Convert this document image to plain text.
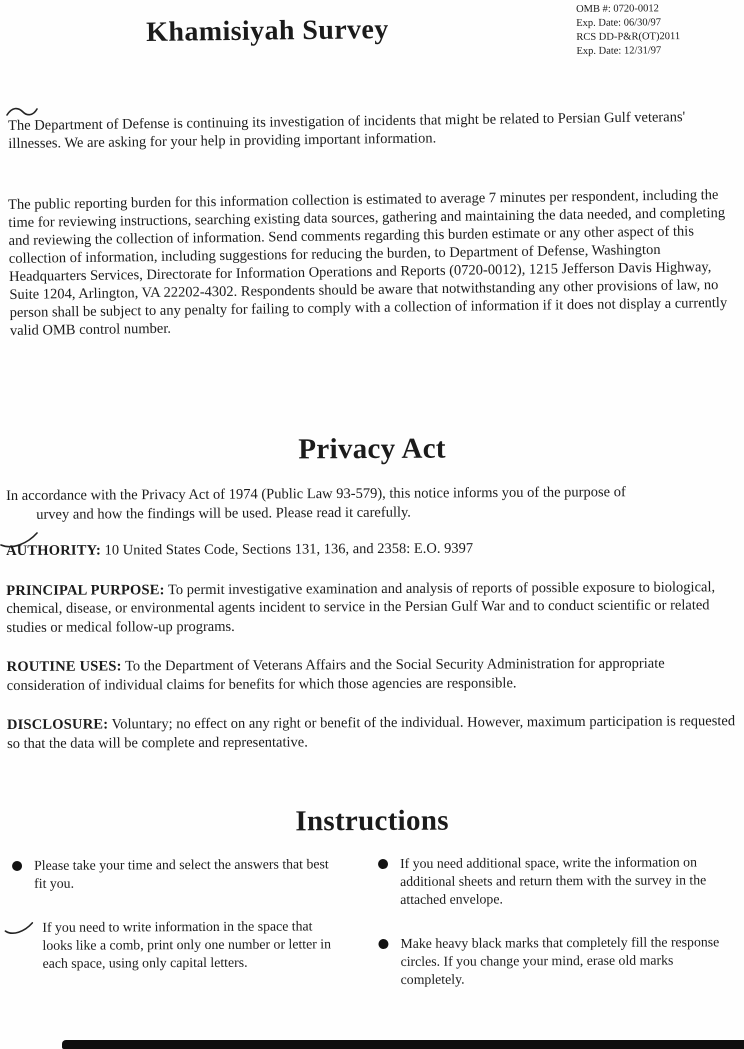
OMB #: 0720-0012
Exp. Date: 06/30/97
RCS DD-P&R(OT)2011
Exp. Date: 12/31/97
Khamisiyah Survey

The Department of Defense is continuing its investigation of incidents that might be related to Persian Gulf veterans' illnesses. We are asking for your help in providing important information.

The public reporting burden for this information collection is estimated to average 7 minutes per respondent, including the time for reviewing instructions, searching existing data sources, gathering and maintaining the data needed, and completing and reviewing the collection of information. Send comments regarding this burden estimate or any other aspect of this collection of information, including suggestions for reducing the burden, to Department of Defense, Washington Headquarters Services, Directorate for Information Operations and Reports (0720-0012), 1215 Jefferson Davis Highway, Suite 1204, Arlington, VA 22202-4302. Respondents should be aware that notwithstanding any other provisions of law, no person shall be subject to any penalty for failing to comply with a collection of information if it does not display a currently valid OMB control number.

Privacy Act
In accordance with the Privacy Act of 1974 (Public Law 93-579), this notice informs you of the purpose of
urvey and how the findings will be used. Please read it carefully.

AUTHORITY: 10 United States Code, Sections 131, 136, and 2358: E.O. 9397

PRINCIPAL PURPOSE: To permit investigative examination and analysis of reports of possible exposure to biological, chemical, disease, or environmental agents incident to service in the Persian Gulf War and to conduct scientific or related studies or medical follow-up programs.

ROUTINE USES: To the Department of Veterans Affairs and the Social Security Administration for appropriate consideration of individual claims for benefits for which those agencies are responsible.

DISCLOSURE: Voluntary; no effect on any right or benefit of the individual. However, maximum participation is requested so that the data will be complete and representative.

Instructions
Please take your time and select the answers that best fit you.
If you need to write information in the space that looks like a comb, print only one number or letter in each space, using only capital letters.
If you need additional space, write the information on additional sheets and return them with the survey in the attached envelope.
Make heavy black marks that completely fill the response circles. If you change your mind, erase old marks completely.
